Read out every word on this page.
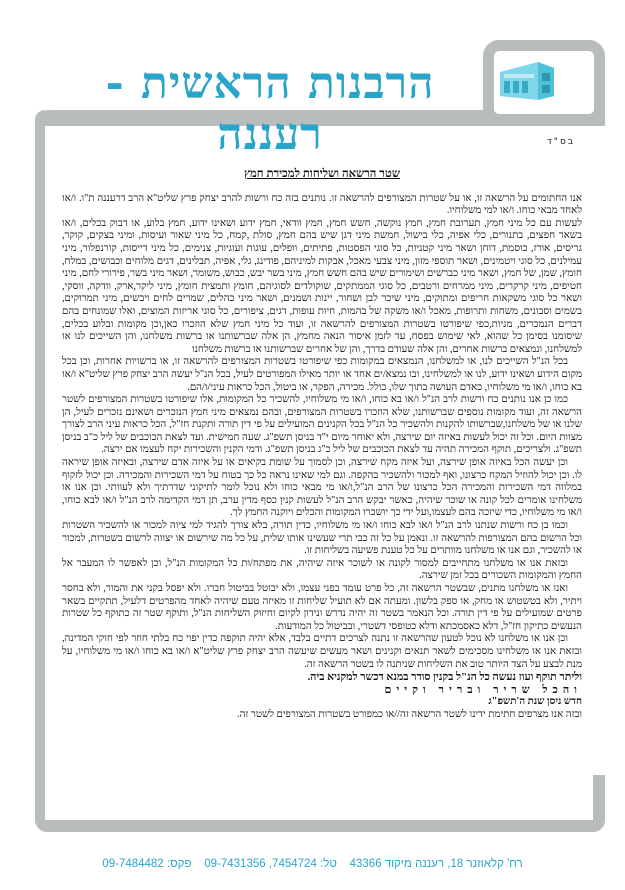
הרבנות הראשית - רעננה	בס"ד
שטר הרשאה ושליחות למכירת חמץ

אנו החתומים על הרשאה זו, או על שטרות המצורפים להרשאה זו. נותנים בזה כח ורשות להרב יצחק פרץ שליט"א הרב דרעננה ת"ו. ו/או לאחד מבאי כוחו. ו/או למי משלוחיו.

לעשות עם כל מיני חמץ, תערובת חמץ, חמץ נוקשה, חשש חמץ, חמץ וודאי, חמץ ידוע ושאינו ידוע, חמץ בלוע, או דבוק בכלים, ו/או בשאר חפצים, בתנורים, כלי אפיה, כלי בישול, חמשת מיני דגן שיש בהם חמץ, סולת ,קמח, כל מיני שאור ועיסות, ומיני בצקים, קוקר, גריסים, אורז, כוסמת, דוחן ושאר מיני קטניות, כל סוגי הפסטות, פתיתים, וופלים, עוגות ועוגיות, צנימים, כל מיני דייסות, קורנפלור, מיני עמילנים, כל סוגי ויטמינים, ושאר תוספי מזון, מיני צבעי מאכל, אבקות למיניהם, פודינג, גלי, אפיה, תבלינים, דגים מלוחים וכבושים, במלח, חומץ, שמן, של חמץ, ושאר מיני כברשים ושימורים שיש בהם חשש חמץ, מיני בשר יבש, כבוש, משומר, ושאר מיני בשר, פירורי לחם, מיני חטיפים, מיני קרקרים, מיני ממרחים ורטבים, כל סוגי הממתקים, שוקולדים לסוגיהם, חומץ ותמצית חומץ, מיני ליקר,ארק, וודקה, ווסקי, ושאר כל סוגי משקאות חריפים ומתוקים, מיני שיכר לבן ושחור, יינות ושמנים, ושאר מיני כהלים, שמרים לחים ויבשים, מיני תמרוקים, בשמים וסבונים, משחות ותרופות, מאכל ו/או משקה של בהמות, חיות עופות, דגים, ציפורים, כל סוגי אריזות המוצים, ואלו שמונחים בהם דברים הנמכרים, מניות,כפי שיפורטו בשטרות המצורפים להרשאה זו, ועוד כל מיני חמץ שלא הוזכרו כאן,וכן מקומות ובלוע בכלים, שיסומנו בסימן כל שהוא, לאי שימוש בפסח, עד לזמן איסור הנאה מחמץ, הן אלה שברשותנו או ברשות משלחנו, והן השייכים לנו או למשלחנו, ונמצאים ברשות אחרים, והן אלה שעודם בדרך, והן של אחרים שברשותנו או ברשות משלחנו

בכל הנ"ל השייכים לנו, או למשלחנו, הנמצאים במקומות כפי שיפורטו בשטרות המצורפים להרשאה זו, או ברשויות אחרות, וכן בכל מקום הידוע ושאינו ידוע, לנו או למשלחינו, ובו נמצא/ים אחד או יותר מאילו המפורטים לעיל, בכל הנ"ל יעשה הרב יצחק פרץ שליט"א ו/או בא כוחו, ו/או מי משלוחיו, כאדם העושה בתוך שלו, כולל. מכירה, הפקר, או ביטול, הכל כראות עיני/ו/הם.

כמו כן אנו נותנים כח ורשות לרב הנ"ל ו/או בא כוחו, ו/או מי משלוחיו, להשכיר כל המקומות, אלו שיפורטו בשטרות המצורפים לשטר הרשאה זה, ועוד מקומות נוספים שברשותנו, שלא הוזכרו בשטרות המצורפים, ובהם נמצאים מיני חמץ הנזכרים ושאינם נזכרים לעיל, הן שלנו או של משלחנו,שברשותו להקנות ולהשכיר כל הנ"ל בכל הקנינים המועילים על פי דין תורה ותקנת חז"ל, הכל כראות עיני הרב לצורך מצוות היום. וכל זה יכול לעשות באיזה יום שירצה, ולא יאוחר מיום י"ד בניסן תשפ"ג. שעה חמישית. ועד לצאת הכוכבים של ליל כ"ב בניסן תשפ"ג. ולצריכים, תוקף המכירה תהיה עד לצאת הכוכבים של ליל כ"ג בניסן תשפ"ג. ודמי הקנין והשכירות יקח לעצמו אם ירצה.

וכן יעשה הכל באיזה אופן שירצה, ועל איזה מקח שירצה, וכן לסמוך על שומת בקיאים או על איזה אדם שירצה, ובאיזה אופן שיראה לו. וכן יכול להוזיל המקח כרצונו, ואף למכור ולהשכיר בהקפה. וגם למי שאינו נראה כל כך בטוח על דמי השכירות והמכירה. וכן יכול לזקוף במלווה דמי השכירות והמכירה הכל כרצונו של הרב הנ"ל,ו/או מי מבאי כוחו ולא נוכל לומר לתיקוני שדרתיך ולא לעוותי. וכן אנו או משלחינו אומרים לכל קונה או שוכר שיהיה, כאשר יבקש הרב הנ"ל לעשות קנין כסף מדין ערב, תן דמי הקדימה לרב הנ"ל ו/או לבא כוחו, ו/או מי משלוחיו, כדי שיזכה בהם לעצמו,ועל ידי כך יושכרו המקומות והכלים ויוקנה החמץ לך.

וכמו בן כח ורשות שנתנו לרב הנ"ל ו/או לבא כוחו ו/או מי משלוחיו, כדין תורה, בלא צורך להגיד למי ציוה למכור או להשכיר השטרות וכל הרשום בהם המצורפות להרשאה זו. ונאמן על כל זה כבי תרי שעשינו אותו שלית, על כל מה שירשום או יצווה לרשום בשטרות, למכור או להשכיר, וגם אנו או משלחנו מוותרים על כל טענת פשיעה בשליחות זו.

ובזאת אנו או משלחנו מתחייבים למסור לקונה או לשוכר איזה שיהיה, את מפתח/ות כל המקומות הנ"ל, וכן לאפשר לו המעבר אל החמץ והמקומות השכורים בכל זמן שירצה.

ואנו או משלחנו מתנים, שבשטר הרשאה זה, כל פרט עומד בפני עצמו, ולא יבוטל בביטול חברו. ולא יפסל בקני את והמור, ולא בחסר ויתיר, ולא בטשטוש או מחק, או ספק בלשון. ומעתה אם לא תועיל שליחות זו מאיזה טעם שיהיה לאחד מהפרטים דלעיל, תתקיים בשאר פרטים שמועילים על פי דין תורה. וכל הנאמר בשטר זה יהיה נדרש ונידון לקיום וחיזוק השליחות הנ"ל, ותוקף שטר זה כתוקף כל שטרות הנעשים כתיקון חז"ל, דלא כאסמכתא ודלא כטופסי דשטרי, ובביטול כל המודעות.

וכן אנו או משלחנו לא נוכל לטעון שהרשאה זו נתנה לצרכים דתיים בלבד, אלא יהיה תוקפה כדין יפוי כח בלתי חוזר לפי חוקי המדינה, ובזאת אנו או משלחינו מסכימים לשאר תנאים וקנינים ושאר מעשים שיעשה הרב יצחק פרץ שליט"א ו/או בא כוחו ו/או מי משלוחיו, על מנת לבצע על הצד היותר טוב את השליחות שניתנה לו בשטר הרשאה זה.

וליתר תוקף ועוז נעשה כל הנ"ל בקנין סודר במנא דכשר למקניא ביה.

והכל שריר ובריר וקיים

חדש ניסן שנת ה'תשפ"ג

ובזה אנו מצרפים חתימת ידינו לשטר הרשאה זה//או כמפורט בשטרות המצורפים לשטר זה.

רח' קלאוזנר 18, רעננה מיקוד 43366    טל: 7454724, 09-7431356    פקס: 09-7484482
